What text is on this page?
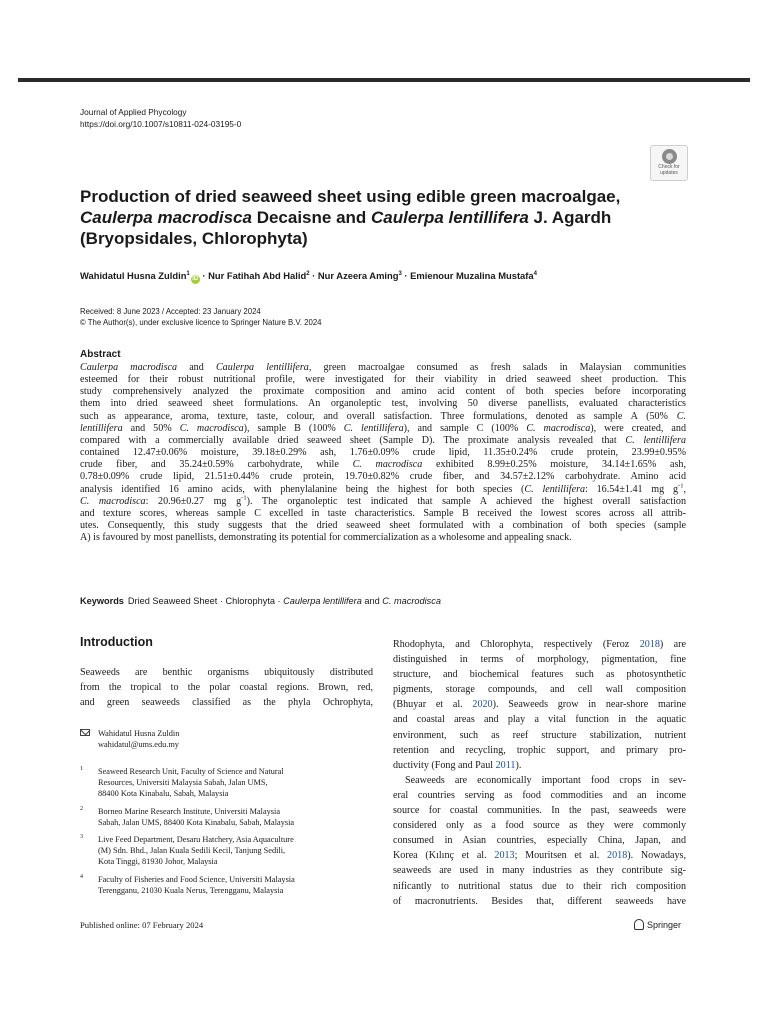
Journal of Applied Phycology
https://doi.org/10.1007/s10811-024-03195-0
Check for
updates
Production of dried seaweed sheet using edible green macroalgae,
Caulerpa macrodisca Decaisne and Caulerpa lentillifera J. Agardh
(Bryopsidales, Chlorophyta)
Wahidatul Husna Zuldin$^1$iD · Nur Fatihah Abd Halid$^2$ · Nur Azeera Aming$^3$ · Emienour Muzalina Mustafa$^4$
Received: 8 June 2023 / Accepted: 23 January 2024
© The Author(s), under exclusive licence to Springer Nature B.V. 2024
Abstract
Caulerpa macrodisca and Caulerpa lentillifera, green macroalgae consumed as fresh salads in Malaysian communities
esteemed for their robust nutritional profile, were investigated for their viability in dried seaweed sheet production. This
study comprehensively analyzed the proximate composition and amino acid content of both species before incorporating
them into dried seaweed sheet formulations. An organoleptic test, involving 50 diverse panellists, evaluated characteristics
such as appearance, aroma, texture, taste, colour, and overall satisfaction. Three formulations, denoted as sample A (50% C.
lentillifera and 50% C. macrodisca), sample B (100% C. lentillifera), and sample C (100% C. macrodisca), were created, and
compared with a commercially available dried seaweed sheet (Sample D). The proximate analysis revealed that C. lentillifera
contained 12.47±0.06% moisture, 39.18±0.29% ash, 1.76±0.09% crude lipid, 11.35±0.24% crude protein, 23.99±0.95%
crude fiber, and 35.24±0.59% carbohydrate, while C. macrodisca exhibited 8.99±0.25% moisture, 34.14±1.65% ash,
0.78±0.09% crude lipid, 21.51±0.44% crude protein, 19.70±0.82% crude fiber, and 34.57±2.12% carbohydrate. Amino acid
analysis identified 16 amino acids, with phenylalanine being the highest for both species (C. lentillifera: 16.54±1.41 mg $g^{-1}$,
C. macrodisca: 20.96±0.27 mg $g^{-1}$). The organoleptic test indicated that sample A achieved the highest overall satisfaction
and texture scores, whereas sample C excelled in taste characteristics. Sample B received the lowest scores across all attrib-
utes. Consequently, this study suggests that the dried seaweed sheet formulated with a combination of both species (sample
A) is favoured by most panellists, demonstrating its potential for commercialization as a wholesome and appealing snack.
Keywords Dried Seaweed Sheet · Chlorophyta · Caulerpa lentillifera and C. macrodisca
Introduction
Seaweeds are benthic organisms ubiquitously distributed
from the tropical to the polar coastal regions. Brown, red,
and green seaweeds classified as the phyla Ochrophyta,
Wahidatul Husna Zuldin
wahidatul@ums.edu.my
1 Seaweed Research Unit, Faculty of Science and Natural
Resources, Universiti Malaysia Sabah, Jalan UMS,
88400 Kota Kinabalu, Sabah, Malaysia
2 Borneo Marine Research Institute, Universiti Malaysia
Sabah, Jalan UMS, 88400 Kota Kinabalu, Sabah, Malaysia
3 Live Feed Department, Desaru Hatchery, Asia Aquaculture
(M) Sdn. Bhd., Jalan Kuala Sedili Kecil, Tanjung Sedili,
Kota Tinggi, 81930 Johor, Malaysia
4 Faculty of Fisheries and Food Science, Universiti Malaysia
Terengganu, 21030 Kuala Nerus, Terengganu, Malaysia
Rhodophyta, and Chlorophyta, respectively (Feroz 2018) are
distinguished in terms of morphology, pigmentation, fine
structure, and biochemical features such as photosynthetic
pigments, storage compounds, and cell wall composition
(Bhuyar et al. 2020). Seaweeds grow in near-shore marine
and coastal areas and play a vital function in the aquatic
environment, such as reef structure stabilization, nutrient
retention and recycling, trophic support, and primary pro-
ductivity (Fong and Paul 2011).
Seaweeds are economically important food crops in sev-
eral countries serving as food commodities and an income
source for coastal communities. In the past, seaweeds were
considered only as a food source as they were commonly
consumed in Asian countries, especially China, Japan, and
Korea (Kılınç et al. 2013; Mouritsen et al. 2018). Nowadays,
seaweeds are used in many industries as they contribute sig-
nificantly to nutritional status due to their rich composition
of macronutrients. Besides that, different seaweeds have
Published online: 07 February 2024	Springer
